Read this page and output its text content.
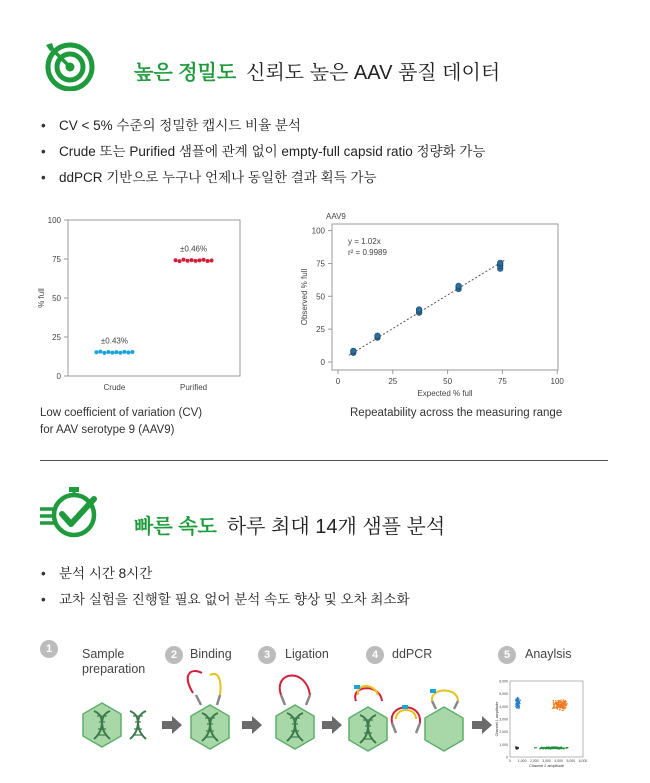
높은 정밀도 신뢰도 높은 AAV 품질 데이터
• CV < 5% 수준의 정밀한 캡시드 비율 분석
• Crude 또는 Purified 샘플에 관계 없이 empty-full capsid ratio 정량화 가능
• ddPCR 기반으로 누구나 언제나 동일한 결과 획득 가능
0
25
50
75
100
% full
Crude	Purified
±0.43%
±0.46%
Low coefficient of variation (CV)
for AAV serotype 9 (AAV9)
AAV9
0
25
50
75
100
0	25	50	75	100
Expected % full
Observed % full
y = 1.02x
r² = 0.9989
Repeatability across the measuring range
빠른 속도 하루 최대 14개 샘플 분석
• 분석 시간 8시간
• 교차 실험을 진행할 필요 없어 분석 속도 향상 및 오차 최소화
1	Sample preparation
2	Binding	3	Ligation	4	ddPCR	5	Anaylsis
0
1,000
2,000
3,000
4,000
5,000
6,000
0 1,000 2,000 3,000 4,000 5,000 6,000
Channel 2 amplitude
Channel 1 amplitude
